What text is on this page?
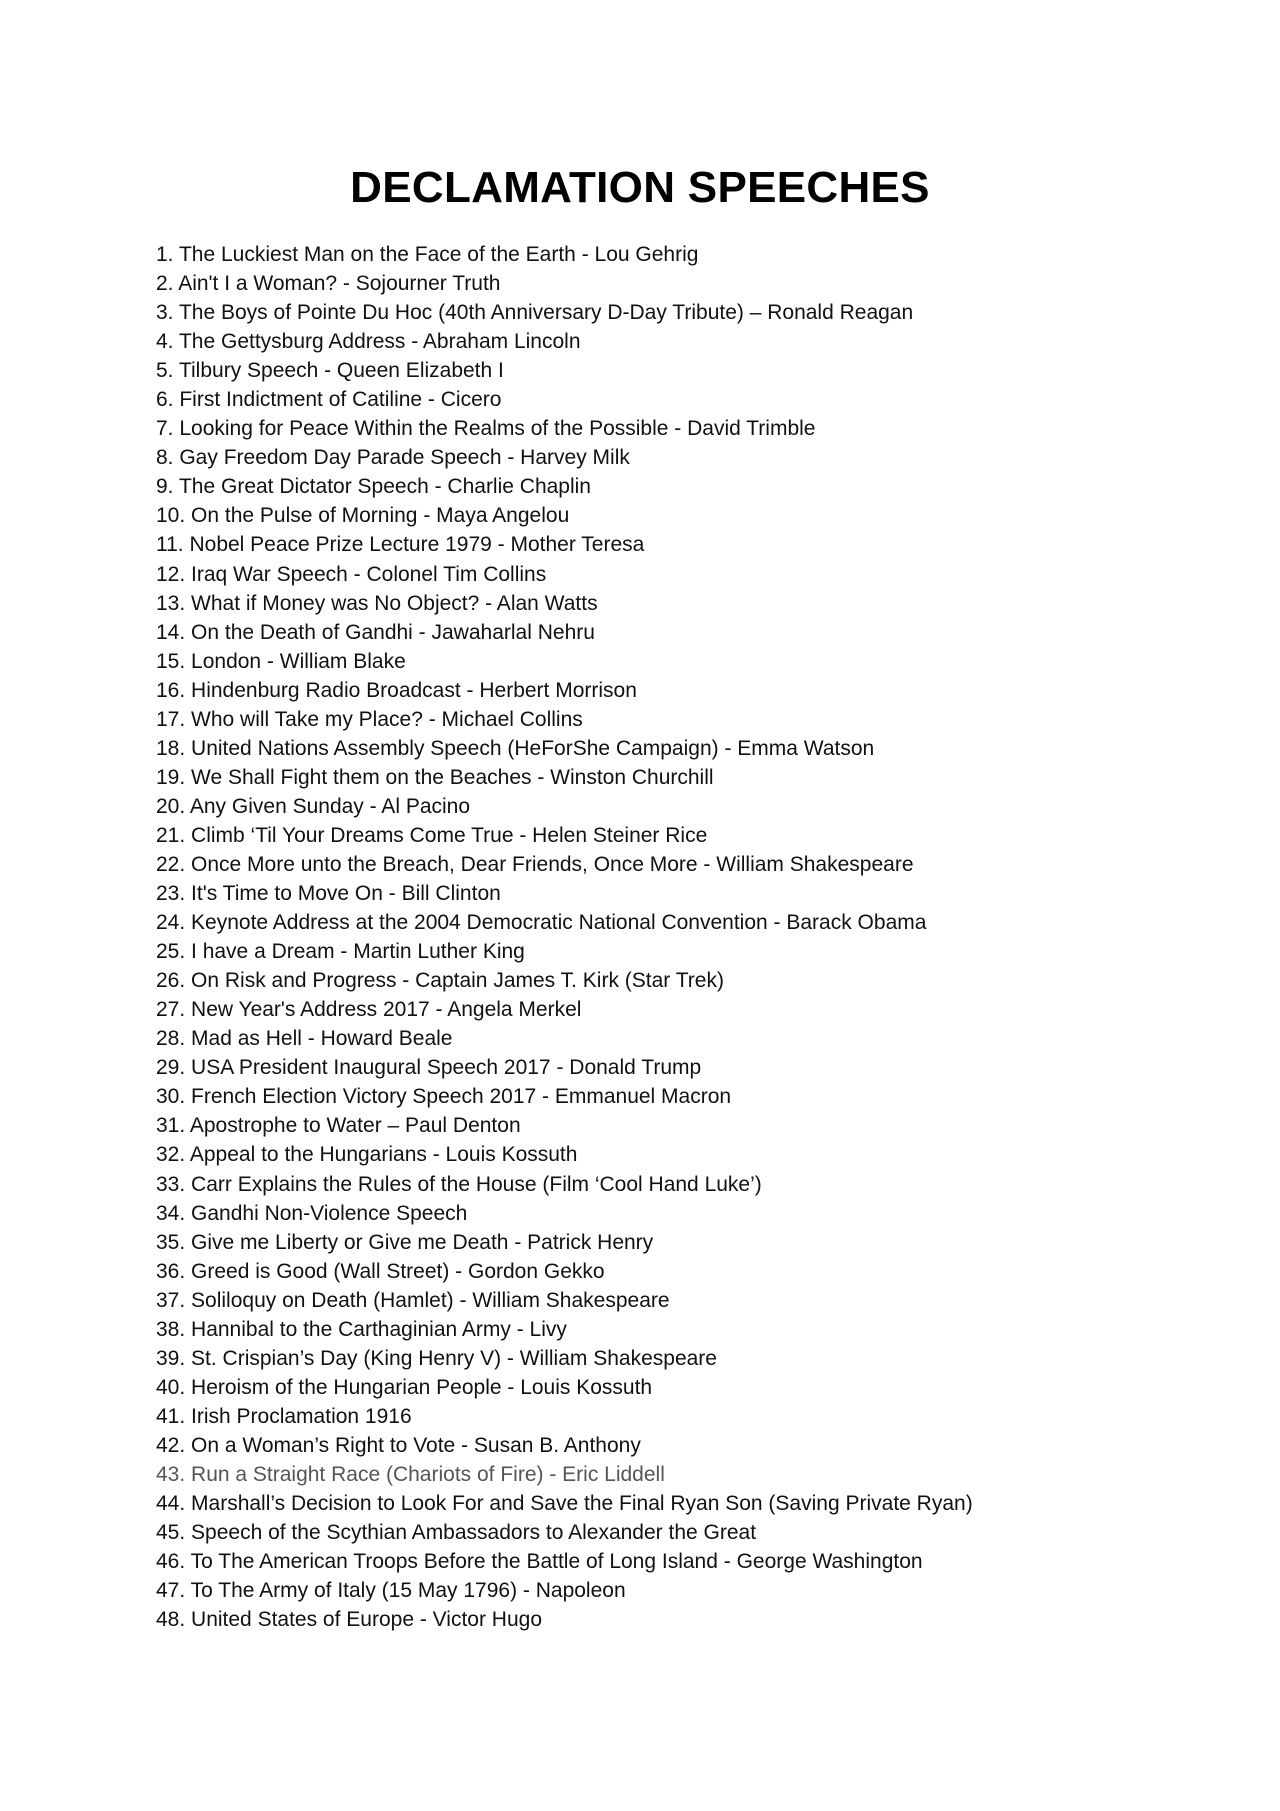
DECLAMATION SPEECHES
1. The Luckiest Man on the Face of the Earth - Lou Gehrig
2. Ain't I a Woman? - Sojourner Truth
3. The Boys of Pointe Du Hoc (40th Anniversary D-Day Tribute) – Ronald Reagan
4. The Gettysburg Address - Abraham Lincoln
5. Tilbury Speech - Queen Elizabeth I
6. First Indictment of Catiline - Cicero
7. Looking for Peace Within the Realms of the Possible - David Trimble
8. Gay Freedom Day Parade Speech - Harvey Milk
9. The Great Dictator Speech - Charlie Chaplin
10. On the Pulse of Morning - Maya Angelou
11. Nobel Peace Prize Lecture 1979 - Mother Teresa
12. Iraq War Speech - Colonel Tim Collins
13. What if Money was No Object? - Alan Watts
14. On the Death of Gandhi - Jawaharlal Nehru
15. London - William Blake
16. Hindenburg Radio Broadcast - Herbert Morrison
17. Who will Take my Place? - Michael Collins
18. United Nations Assembly Speech (HeForShe Campaign) - Emma Watson
19. We Shall Fight them on the Beaches - Winston Churchill
20. Any Given Sunday - Al Pacino
21. Climb ‘Til Your Dreams Come True - Helen Steiner Rice
22. Once More unto the Breach, Dear Friends, Once More - William Shakespeare
23. It's Time to Move On - Bill Clinton
24. Keynote Address at the 2004 Democratic National Convention - Barack Obama
25. I have a Dream - Martin Luther King
26. On Risk and Progress - Captain James T. Kirk (Star Trek)
27. New Year's Address 2017 - Angela Merkel
28. Mad as Hell - Howard Beale
29. USA President Inaugural Speech 2017 - Donald Trump
30. French Election Victory Speech 2017 - Emmanuel Macron
31. Apostrophe to Water – Paul Denton
32. Appeal to the Hungarians - Louis Kossuth
33. Carr Explains the Rules of the House (Film ‘Cool Hand Luke’)
34. Gandhi Non-Violence Speech
35. Give me Liberty or Give me Death - Patrick Henry
36. Greed is Good (Wall Street) - Gordon Gekko
37. Soliloquy on Death (Hamlet) - William Shakespeare
38. Hannibal to the Carthaginian Army - Livy
39. St. Crispian’s Day (King Henry V) - William Shakespeare
40. Heroism of the Hungarian People - Louis Kossuth
41. Irish Proclamation 1916
42. On a Woman’s Right to Vote - Susan B. Anthony
43. Run a Straight Race (Chariots of Fire) - Eric Liddell
44. Marshall’s Decision to Look For and Save the Final Ryan Son (Saving Private Ryan)
45. Speech of the Scythian Ambassadors to Alexander the Great
46. To The American Troops Before the Battle of Long Island - George Washington
47. To The Army of Italy (15 May 1796) - Napoleon
48. United States of Europe - Victor Hugo
